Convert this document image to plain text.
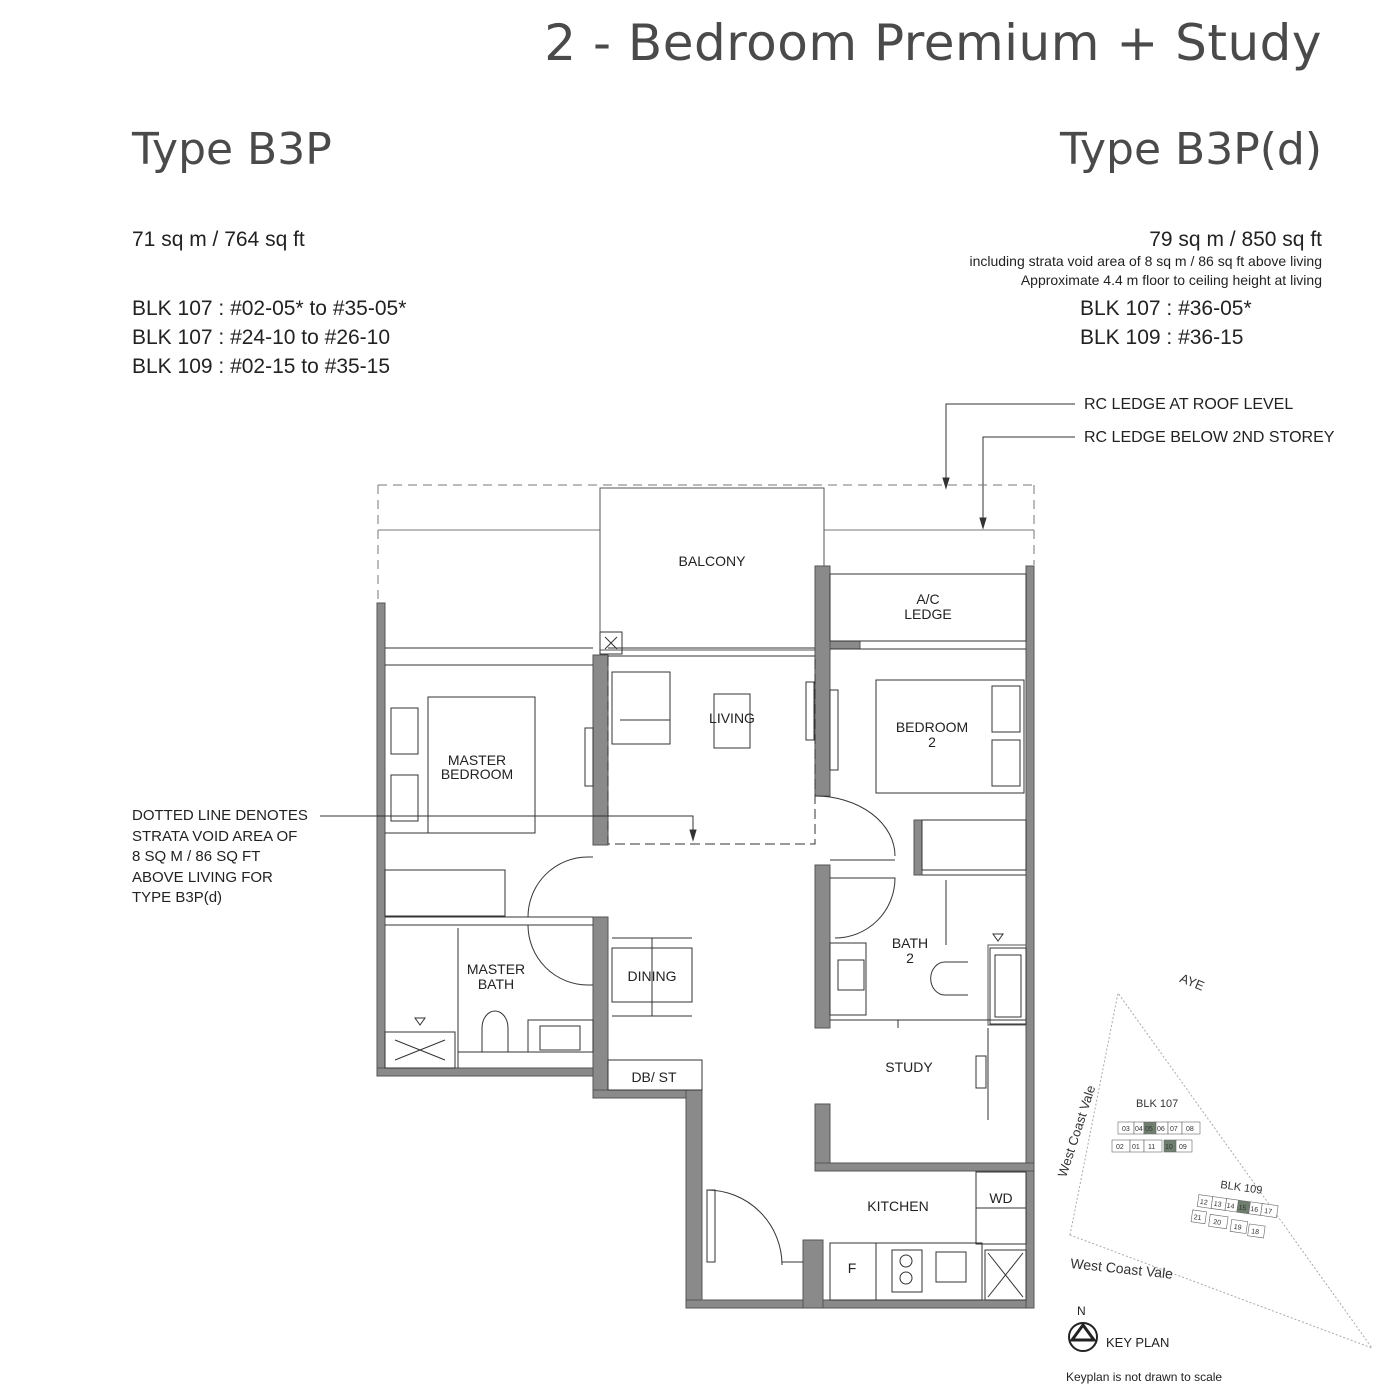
2 - Bedroom Premium + Study
Type B3P	Type B3P(d)
71 sq m / 764 sq ft
BLK 107 : #02-05* to #35-05*
BLK 107 : #24-10 to #26-10
BLK 109 : #02-15 to #35-15
79 sq m / 850 sq ft
including strata void area of 8 sq m / 86 sq ft above living
Approximate 4.4 m floor to ceiling height at living
BLK 107 : #36-05*
BLK 109 : #36-15
DOTTED LINE DENOTES
STRATA VOID AREA OF
8 SQ M / 86 SQ FT
ABOVE LIVING FOR
TYPE B3P(d)
BALCONY
A/C
LEDGE
LIVING
MASTER
BEDROOM
BEDROOM
2
MASTER
BATH	DINING
BATH
2
DB/ ST
STUDY
KITCHEN	WD
F
RC LEDGE AT ROOF LEVEL
RC LEDGE BELOW 2ND STOREY
AYE
West Coast Vale
West Coast Vale
BLK 107
BLK 109
03 04 05 06 07 08
02 01 11 10 09
12 13 14 15 16 17
21
20
19
18
N
KEY PLAN
Keyplan is not drawn to scale
